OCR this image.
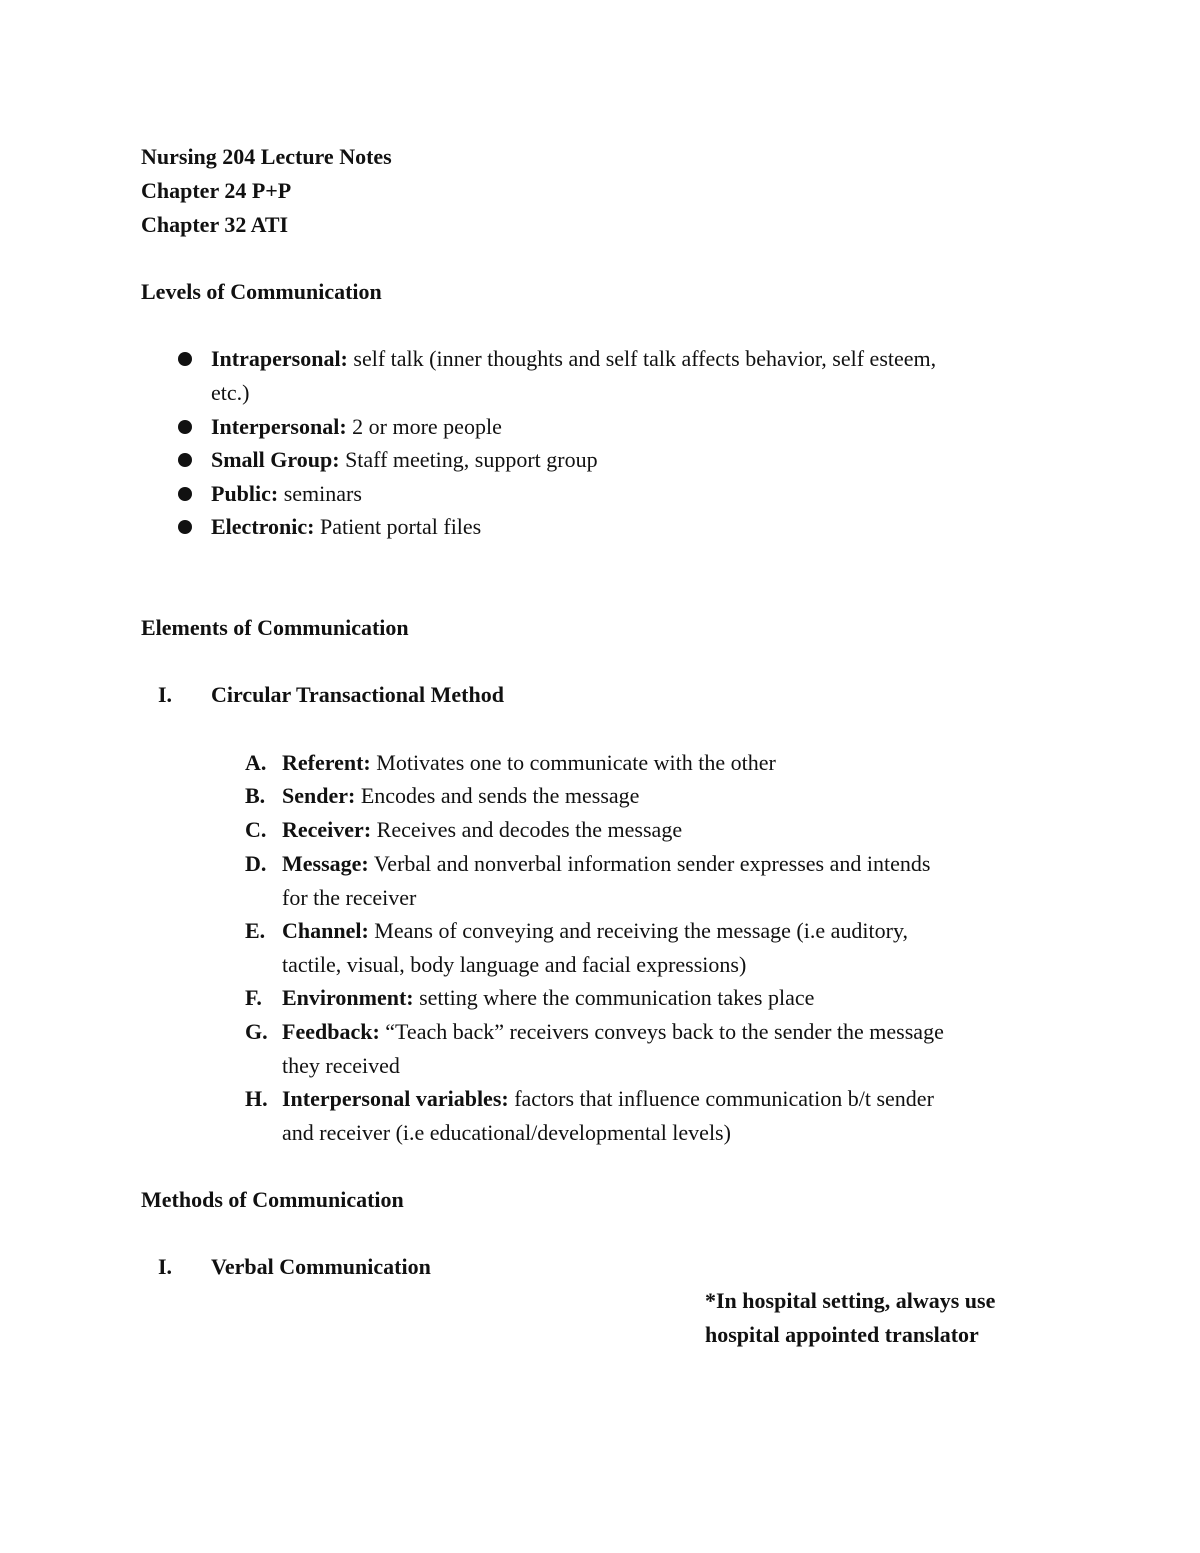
Nursing 204 Lecture Notes
Chapter 24 P+P
Chapter 32 ATI
Levels of Communication
Intrapersonal: self talk (inner thoughts and self talk affects behavior, self esteem,
etc.)
Interpersonal: 2 or more people
Small Group: Staff meeting, support group
Public: seminars
Electronic: Patient portal files
Elements of Communication
I. Circular Transactional Method
A. Referent: Motivates one to communicate with the other
B. Sender: Encodes and sends the message
C. Receiver: Receives and decodes the message
D. Message: Verbal and nonverbal information sender expresses and intends
for the receiver
E. Channel: Means of conveying and receiving the message (i.e auditory,
tactile, visual, body language and facial expressions)
F. Environment: setting where the communication takes place
G. Feedback: “Teach back” receivers conveys back to the sender the message
they received
H. Interpersonal variables: factors that influence communication b/t sender
and receiver (i.e educational/developmental levels)
Methods of Communication
I. Verbal Communication
*In hospital setting, always use
hospital appointed translator
